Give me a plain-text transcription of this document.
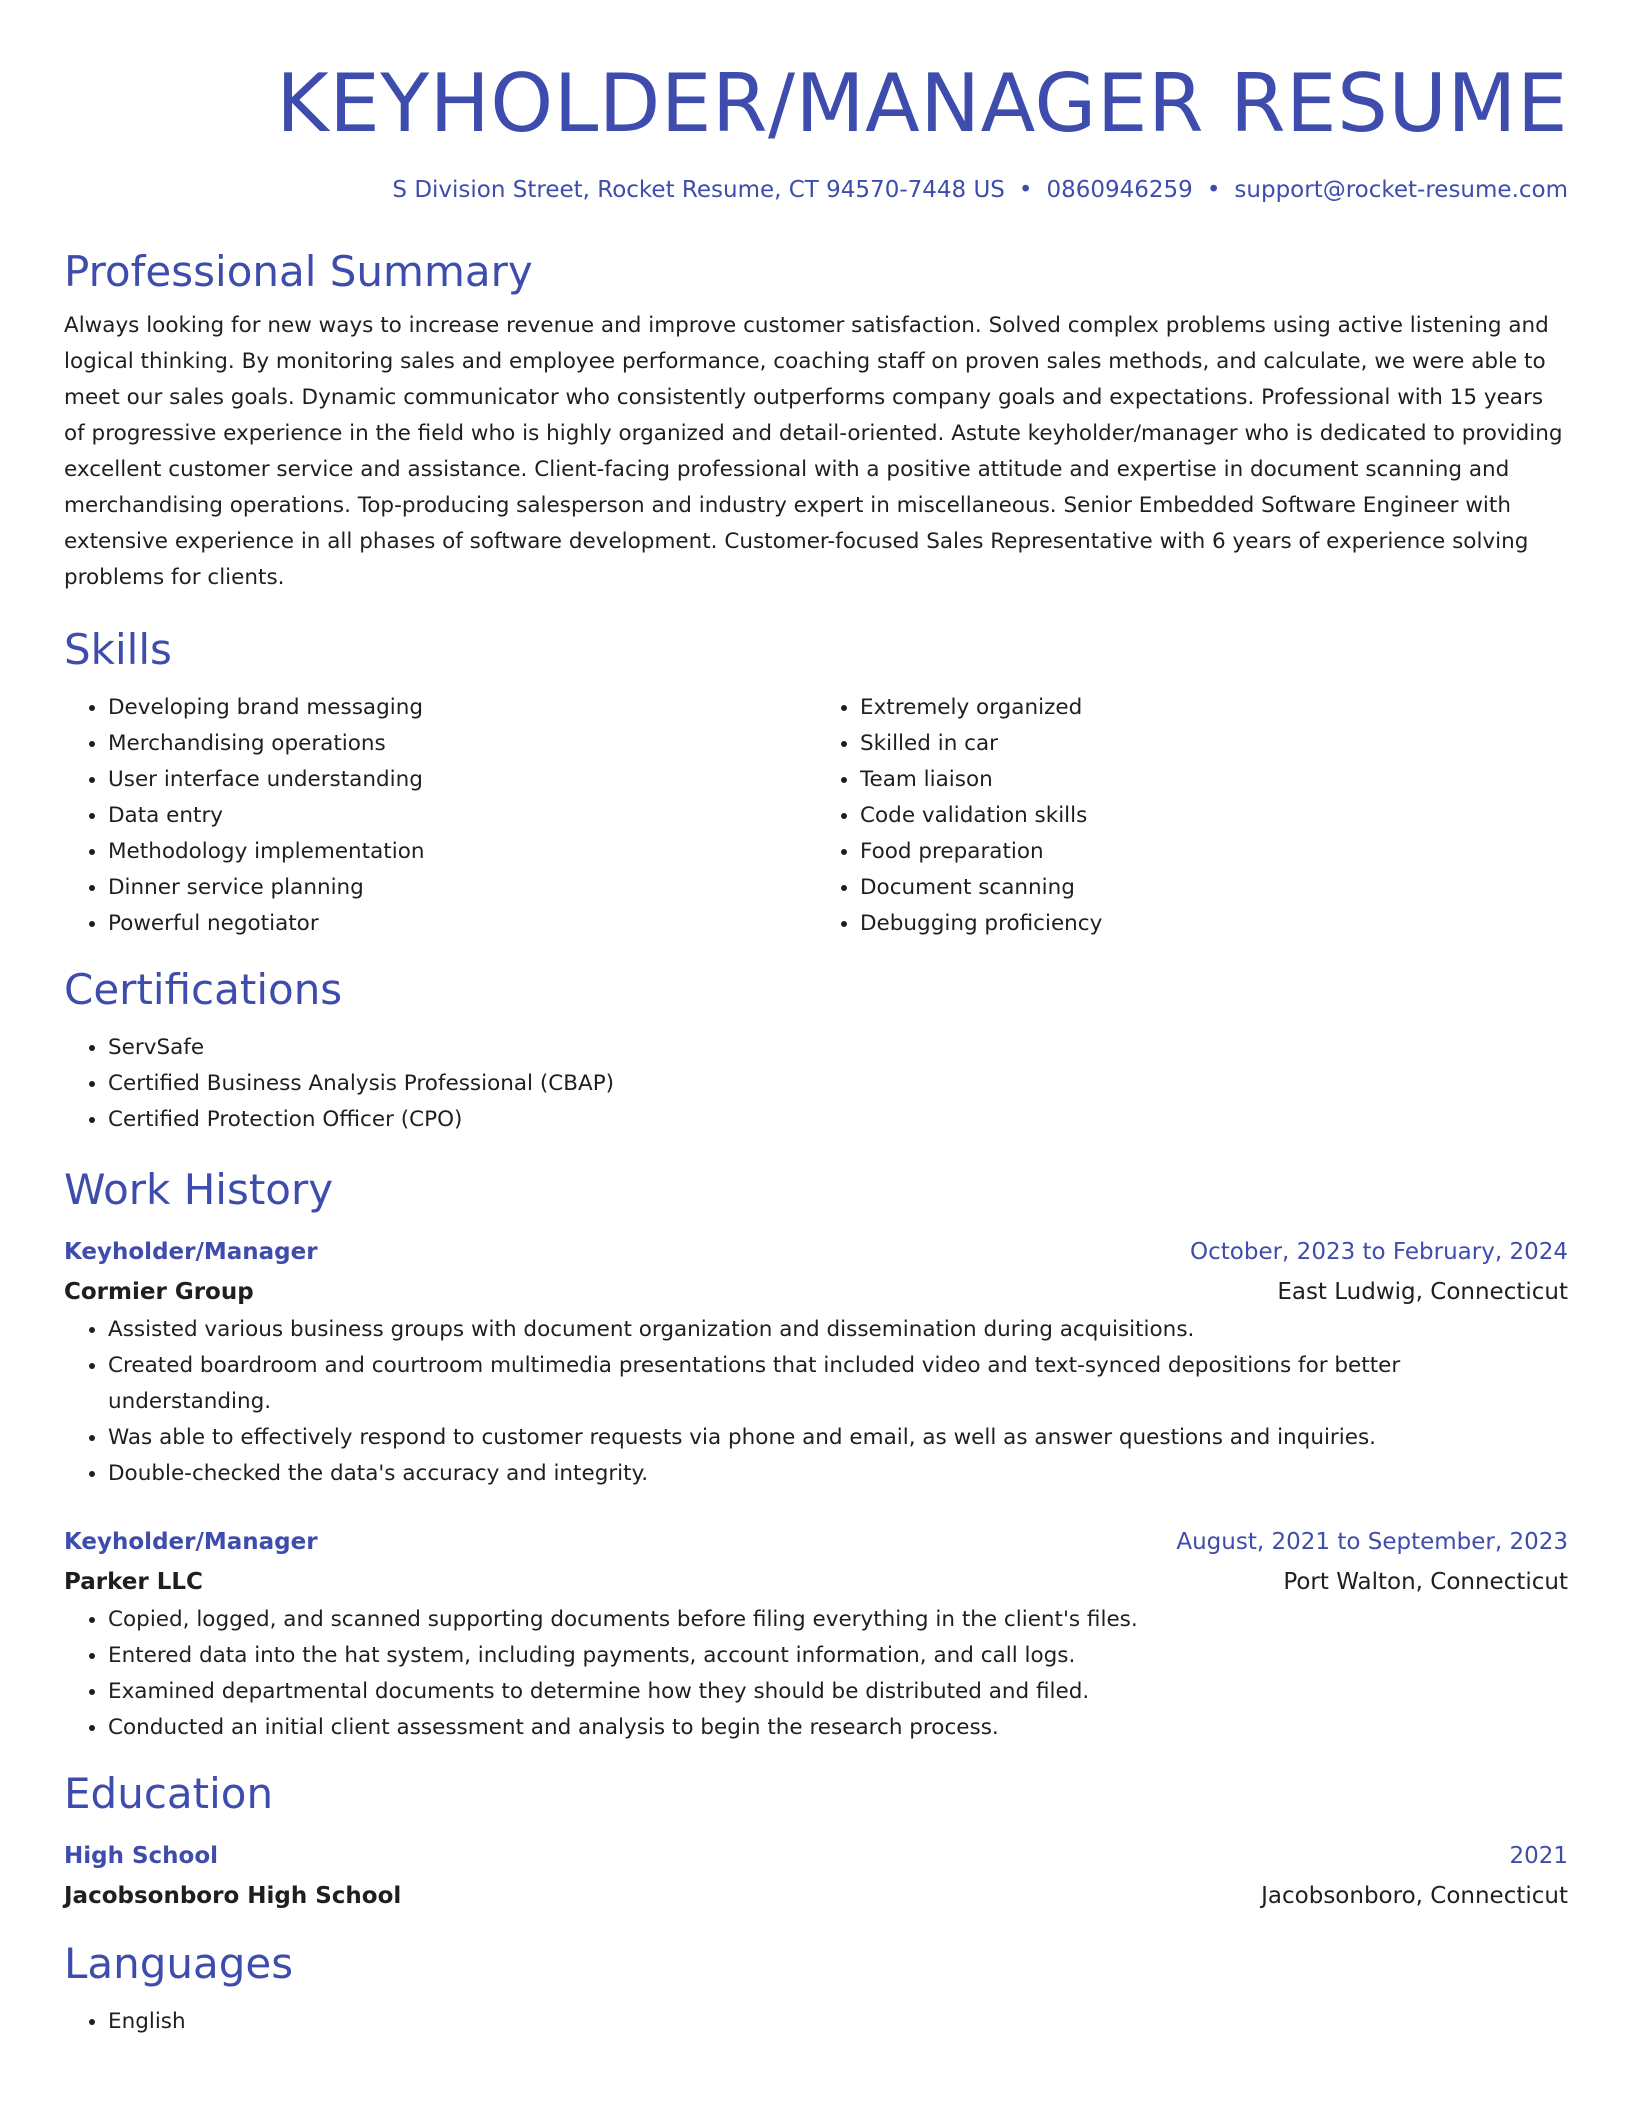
KEYHOLDER/MANAGER RESUME
S Division Street, Rocket Resume, CT 94570-7448 US • 0860946259 • support@rocket-resume.com
Professional Summary

Always looking for new ways to increase revenue and improve customer satisfaction. Solved complex problems using active listening and logical thinking. By monitoring sales and employee performance, coaching staff on proven sales methods, and calculate, we were able to meet our sales goals. Dynamic communicator who consistently outperforms company goals and expectations. Professional with 15 years of progressive experience in the field who is highly organized and detail-oriented. Astute keyholder/manager who is dedicated to providing excellent customer service and assistance. Client-facing professional with a positive attitude and expertise in document scanning and merchandising operations. Top-producing salesperson and industry expert in miscellaneous. Senior Embedded Software Engineer with extensive experience in all phases of software development. Customer-focused Sales Representative with 6 years of experience solving problems for clients.

Skills
• Developing brand messaging
• Merchandising operations
• User interface understanding
• Data entry
• Methodology implementation
• Dinner service planning
• Powerful negotiator
• Extremely organized
• Skilled in car
• Team liaison
• Code validation skills
• Food preparation
• Document scanning
• Debugging proficiency
Certifications
• ServSafe
• Certified Business Analysis Professional (CBAP)
• Certified Protection Officer (CPO)
Work History
Keyholder/Manager	October, 2023 to February, 2024
Cormier Group	East Ludwig, Connecticut
• Assisted various business groups with document organization and dissemination during acquisitions.
• Created boardroom and courtroom multimedia presentations that included video and text-synced depositions for better understanding.
• Was able to effectively respond to customer requests via phone and email, as well as answer questions and inquiries.
• Double-checked the data's accuracy and integrity.
Keyholder/Manager	August, 2021 to September, 2023
Parker LLC	Port Walton, Connecticut
• Copied, logged, and scanned supporting documents before filing everything in the client's files.
• Entered data into the hat system, including payments, account information, and call logs.
• Examined departmental documents to determine how they should be distributed and filed.
• Conducted an initial client assessment and analysis to begin the research process.
Education
High School	2021
Jacobsonboro High School	Jacobsonboro, Connecticut
Languages
• English
